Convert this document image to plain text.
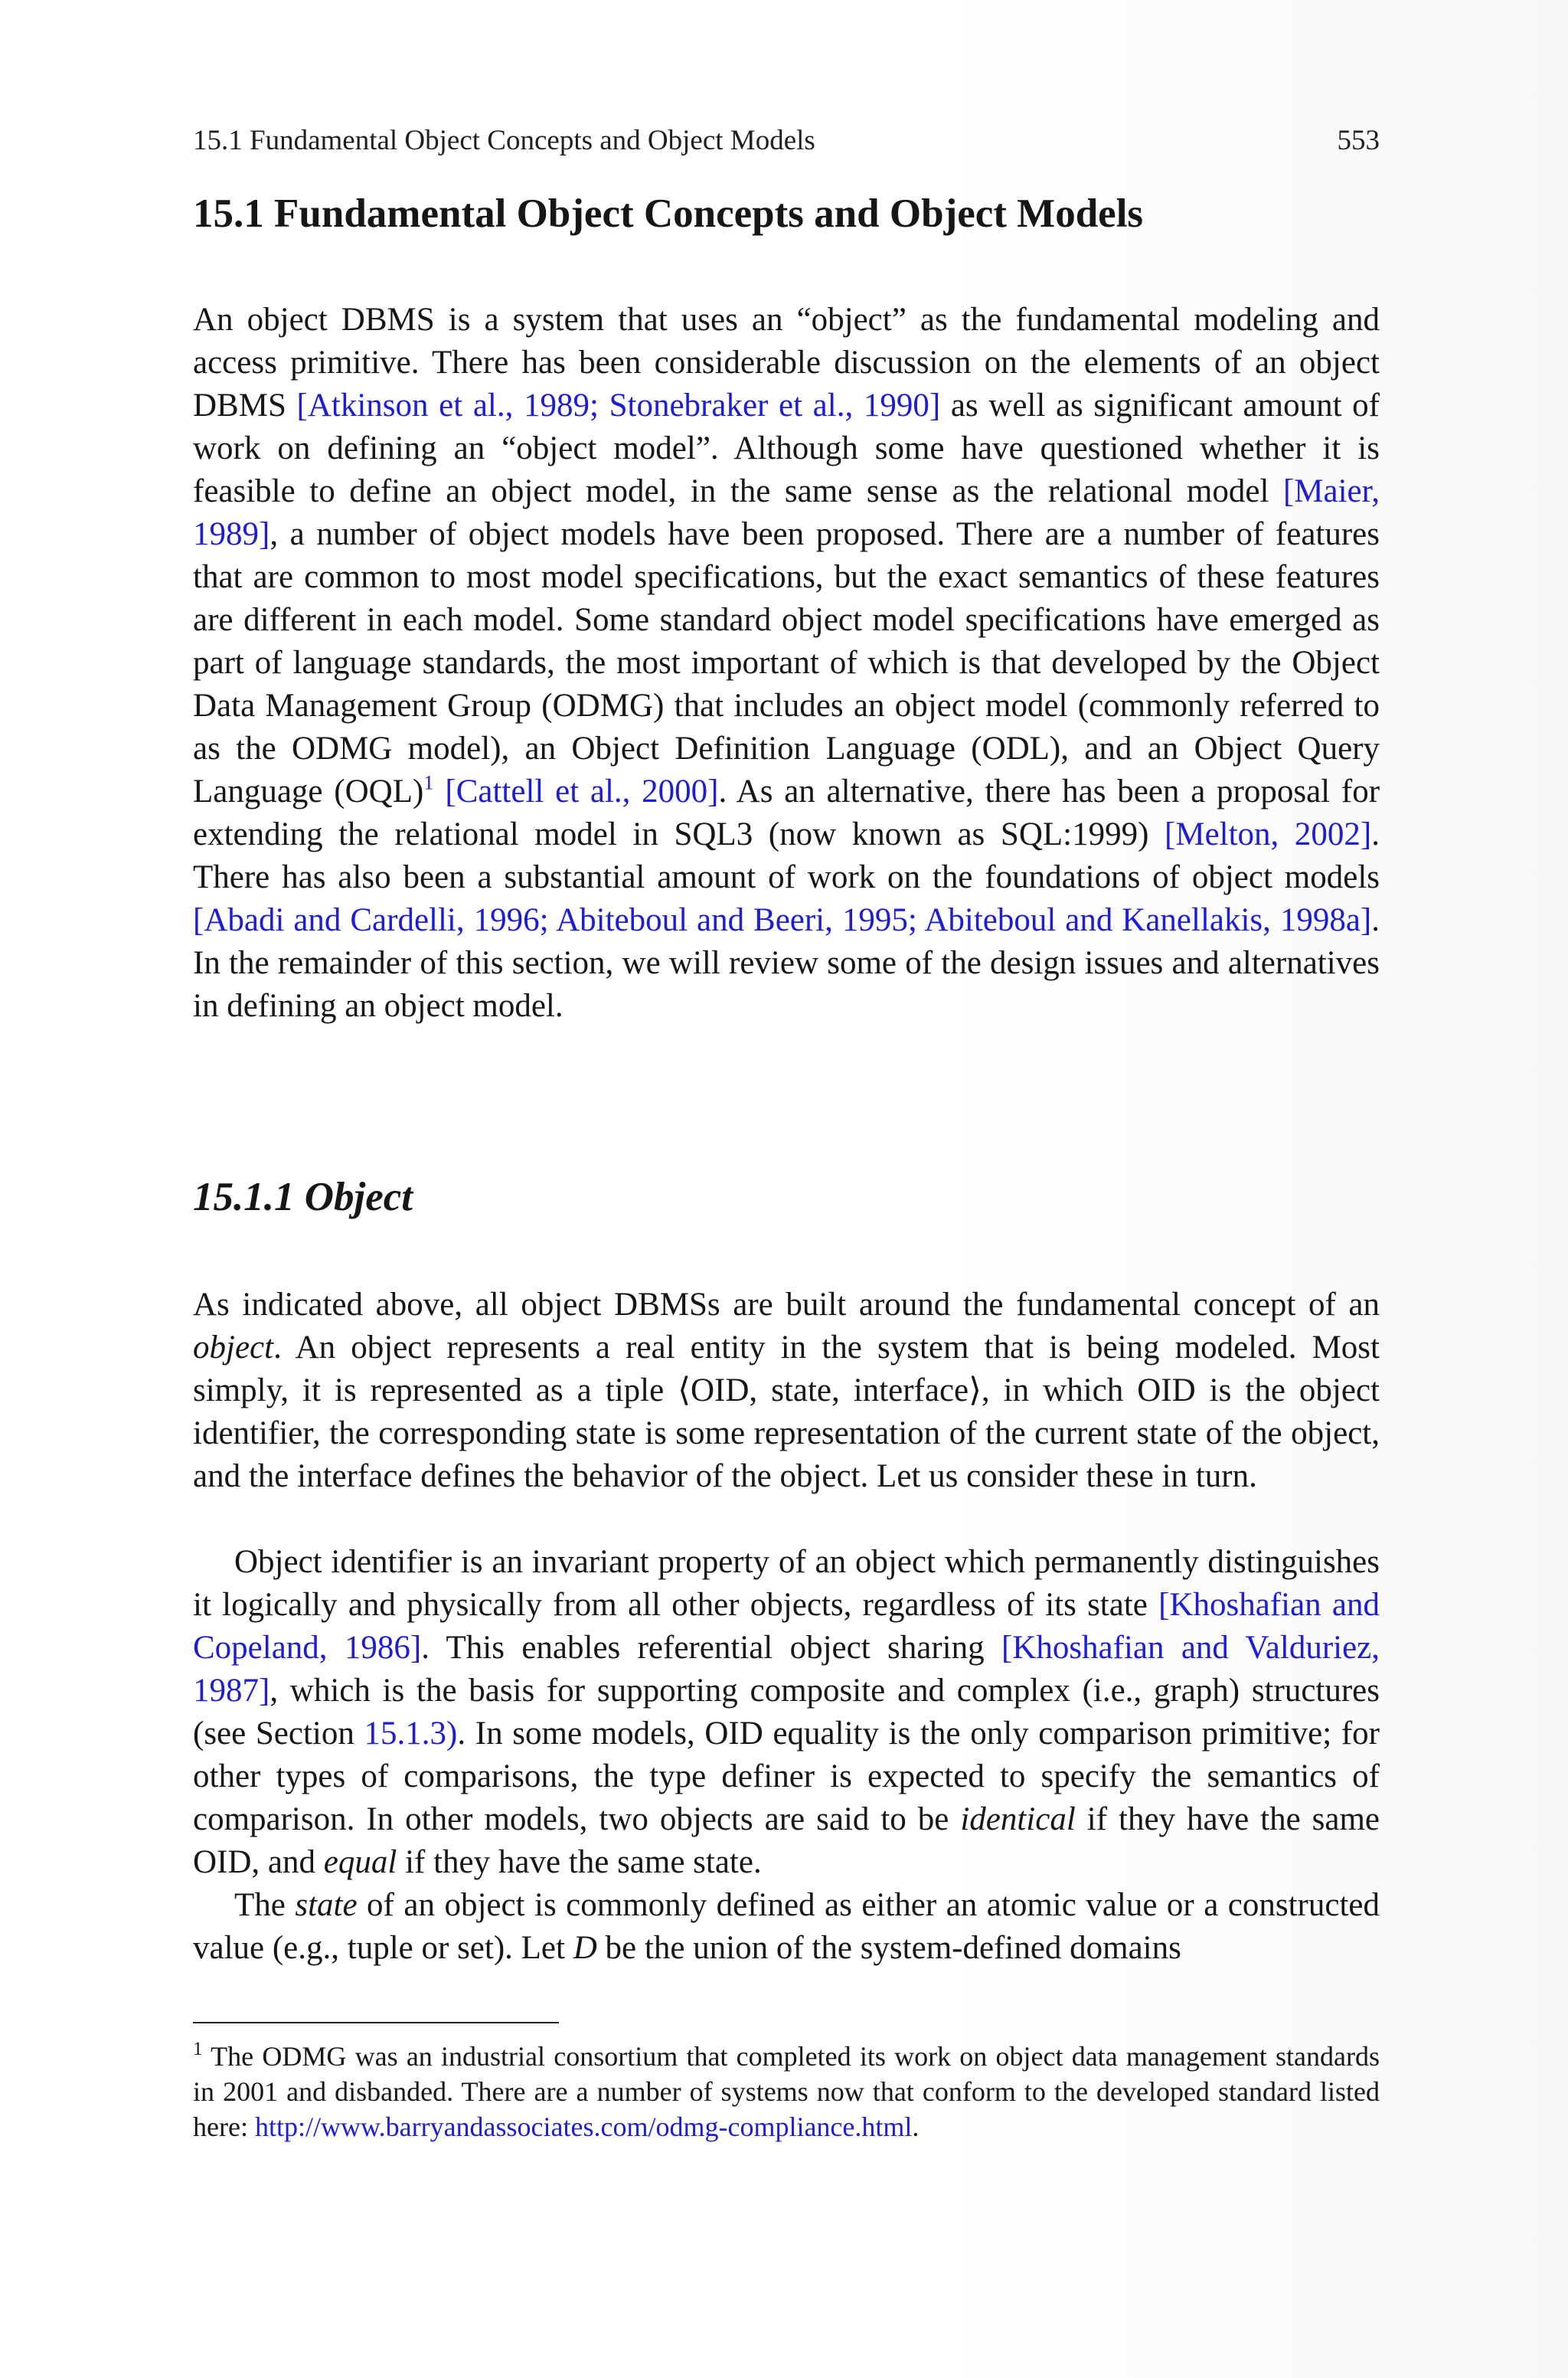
15.1 Fundamental Object Concepts and Object Models	553
15.1 Fundamental Object Concepts and Object Models

An object DBMS is a system that uses an “object” as the fundamental modeling and access primitive. There has been considerable discussion on the elements of an object DBMS [Atkinson et al., 1989; Stonebraker et al., 1990] as well as significant amount of work on defining an “object model”. Although some have questioned whether it is feasible to define an object model, in the same sense as the relational model [Maier, 1989], a number of object models have been proposed. There are a number of features that are common to most model specifications, but the exact semantics of these features are different in each model. Some standard object model specifications have emerged as part of language standards, the most important of which is that developed by the Object Data Management Group (ODMG) that includes an object model (commonly referred to as the ODMG model), an Object Definition Language (ODL), and an Object Query Language (OQL)$^1$ [Cattell et al., 2000]. As an alternative, there has been a proposal for extending the relational model in SQL3 (now known as SQL:1999) [Melton, 2002]. There has also been a substantial amount of work on the foundations of object models [Abadi and Cardelli, 1996; Abiteboul and Beeri, 1995; Abiteboul and Kanellakis, 1998a]. In the remainder of this section, we will review some of the design issues and alternatives in defining an object model.

15.1.1 Object

As indicated above, all object DBMSs are built around the fundamental concept of an object. An object represents a real entity in the system that is being modeled. Most simply, it is represented as a tiple ⟨OID, state, interface⟩, in which OID is the object identifier, the corresponding state is some representation of the current state of the object, and the interface defines the behavior of the object. Let us consider these in turn.

Object identifier is an invariant property of an object which permanently distinguishes it logically and physically from all other objects, regardless of its state [Khoshafian and Copeland, 1986]. This enables referential object sharing [Khoshafian and Valduriez, 1987], which is the basis for supporting composite and complex (i.e., graph) structures (see Section 15.1.3). In some models, OID equality is the only comparison primitive; for other types of comparisons, the type definer is expected to specify the semantics of comparison. In other models, two objects are said to be identical if they have the same OID, and equal if they have the same state.

The state of an object is commonly defined as either an atomic value or a constructed value (e.g., tuple or set). Let D be the union of the system-defined domains

$^1$ The ODMG was an industrial consortium that completed its work on object data management standards in 2001 and disbanded. There are a number of systems now that conform to the developed standard listed here: http://www.barryandassociates.com/odmg-compliance.html.
